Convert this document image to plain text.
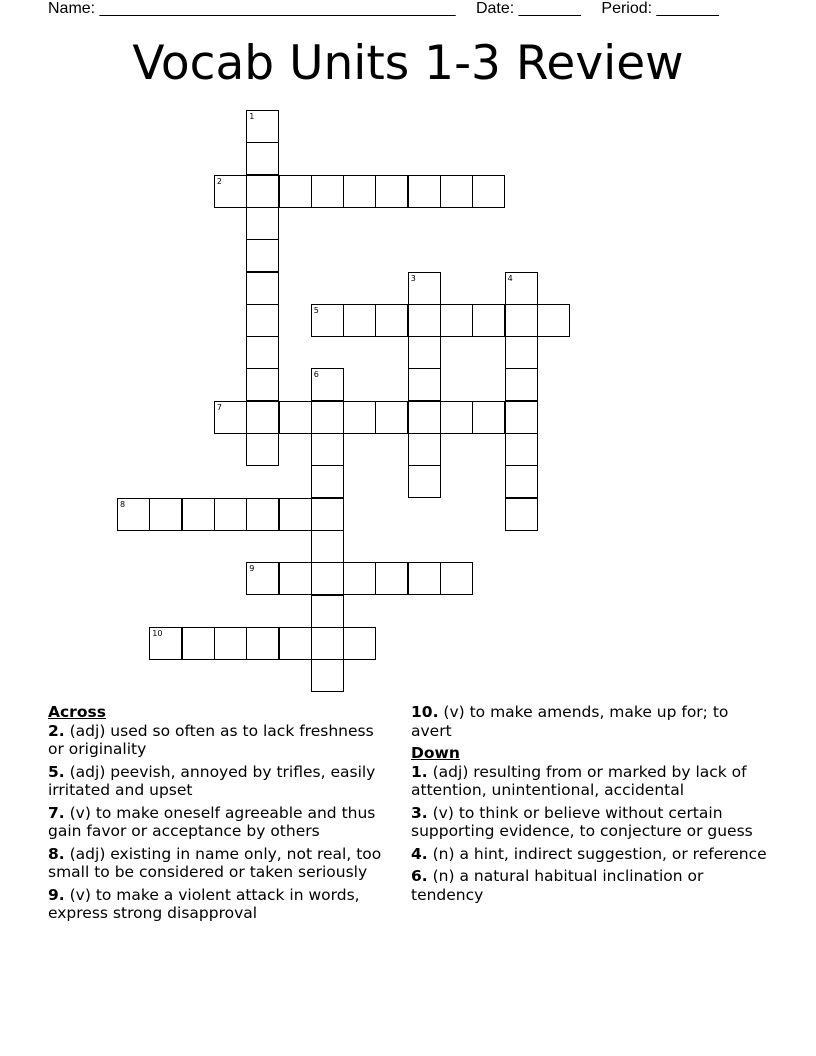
Name: ________________________________________ Date: _______ Period: _______
Vocab Units 1-3 Review
1
2
3	4
5
6
7
8
9
10
Across
2. (adj) used so often as to lack freshness or originality
5. (adj) peevish, annoyed by trifles, easily irritated and upset
7. (v) to make oneself agreeable and thus gain favor or acceptance by others
8. (adj) existing in name only, not real, too small to be considered or taken seriously
9. (v) to make a violent attack in words, express strong disapproval
10. (v) to make amends, make up for; to avert
Down
1. (adj) resulting from or marked by lack of attention, unintentional, accidental
3. (v) to think or believe without certain supporting evidence, to conjecture or guess
4. (n) a hint, indirect suggestion, or reference
6. (n) a natural habitual inclination or tendency
